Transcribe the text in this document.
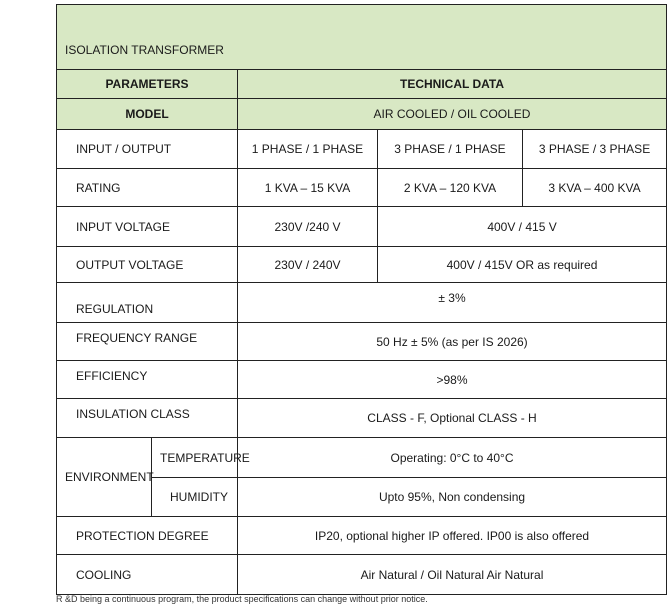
ISOLATION TRANSFORMER				
PARAMETERS		TECHNICAL DATA		
MODEL		AIR COOLED / OIL COOLED		
INPUT / OUTPUT		1 PHASE / 1 PHASE	3 PHASE / 1 PHASE	3 PHASE / 3 PHASE
RATING		1 KVA – 15 KVA	2 KVA – 120 KVA	3 KVA – 400 KVA
INPUT VOLTAGE		230V /240 V	400V / 415 V	
OUTPUT VOLTAGE		230V / 240V	400V / 415V OR as required	
REGULATION		± 3%		
FREQUENCY RANGE		50 Hz ± 5% (as per IS 2026)		
EFFICIENCY		>98%		
INSULATION CLASS		CLASS - F, Optional CLASS - H		
ENVIRONMENT	TEMPERATURE	Operating: 0°C to 40°C		
	HUMIDITY	Upto 95%, Non condensing		
PROTECTION DEGREE		IP20, optional higher IP offered. IP00 is also offered		
COOLING		Air Natural / Oil Natural Air Natural		
R &D being a continuous program, the product specifications can change without prior notice.
